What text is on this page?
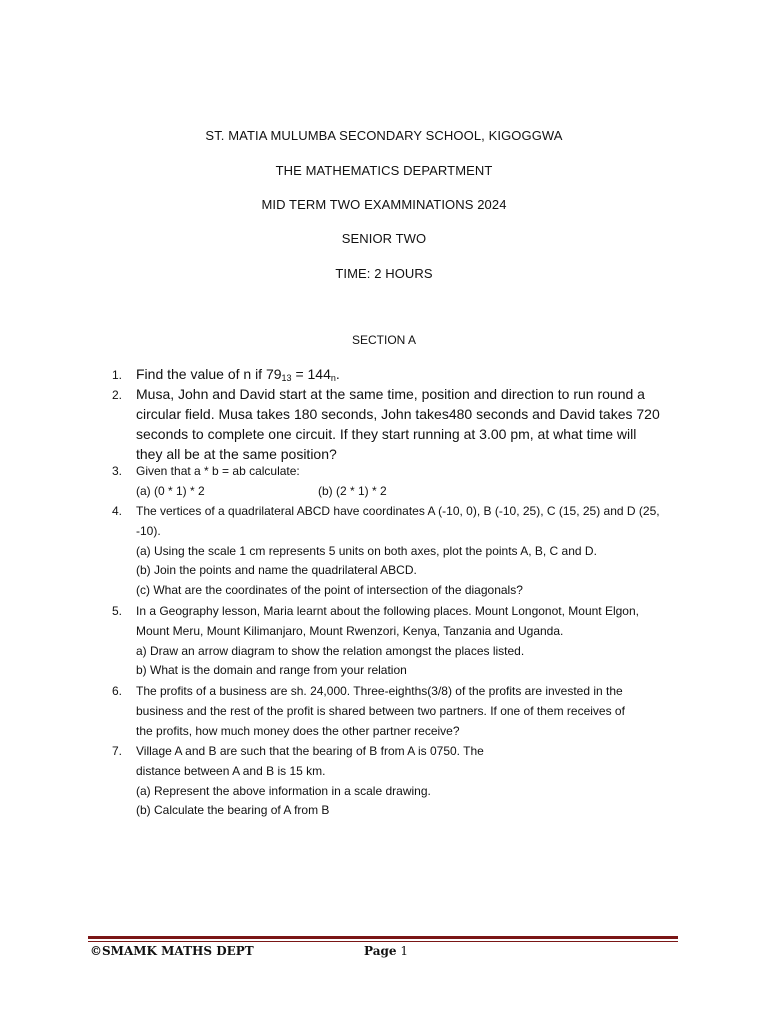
ST. MATIA MULUMBA SECONDARY SCHOOL, KIGOGGWA
THE MATHEMATICS DEPARTMENT
MID TERM TWO EXAMMINATIONS 2024
SENIOR TWO
TIME: 2 HOURS
SECTION A
1. Find the value of n if $79_{13} = 144_n$.
2. Musa, John and David start at the same time, position and direction to run round a
circular field. Musa takes 180 seconds, John takes480 seconds and David takes 720
seconds to complete one circuit. If they start running at 3.00 pm, at what time will
they all be at the same position?
3.	Given that a * b = ab calculate:
(a) (0 * 1) * 2	(b) (2 * 1) * 2
4.	The vertices of a quadrilateral ABCD have coordinates A (-10, 0), B (-10, 25), C (15, 25) and D (25,
-10).
(a) Using the scale 1 cm represents 5 units on both axes, plot the points A, B, C and D.
(b) Join the points and name the quadrilateral ABCD.
(c) What are the coordinates of the point of intersection of the diagonals?
5.	In a Geography lesson, Maria learnt about the following places. Mount Longonot, Mount Elgon,
Mount Meru, Mount Kilimanjaro, Mount Rwenzori, Kenya, Tanzania and Uganda.
a) Draw an arrow diagram to show the relation amongst the places listed.
b) What is the domain and range from your relation
6.	The profits of a business are sh. 24,000. Three-eighths(3/8) of the profits are invested in the
business and the rest of the profit is shared between two partners. If one of them receives of
the profits, how much money does the other partner receive?
7.	Village A and B are such that the bearing of B from A is 0750. The
distance between A and B is 15 km.
(a) Represent the above information in a scale drawing.
(b) Calculate the bearing of A from B
©SMAMK MATHS DEPT	Page 1
